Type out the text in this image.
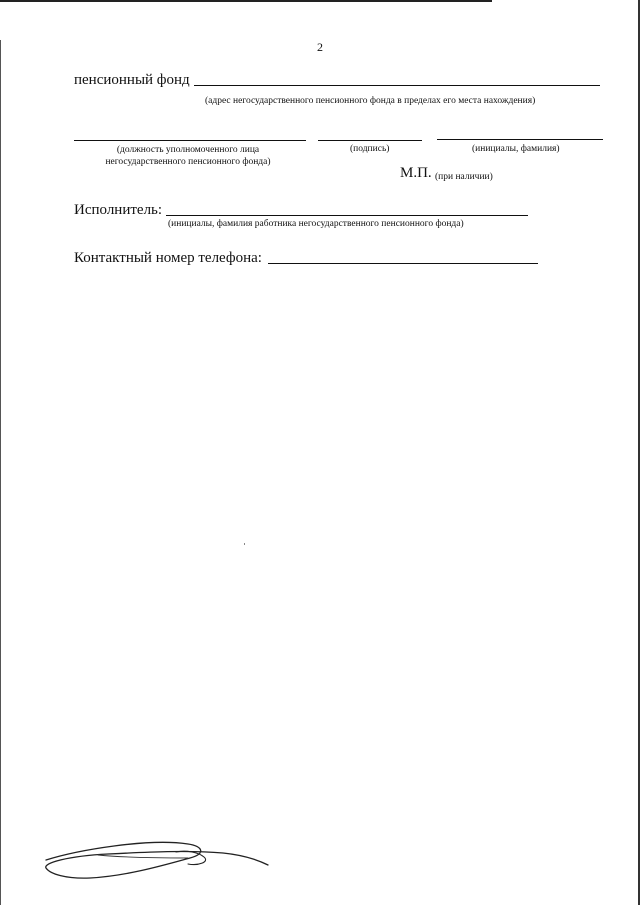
2
пенсионный фонд
(адрес негосударственного пенсионного фонда в пределах его места нахождения)
(должность уполномоченного лица
негосударственного пенсионного фонда)
(подпись)	(инициалы, фамилия)
М.П. (при наличии)
Исполнитель:
(инициалы, фамилия работника негосударственного пенсионного фонда)
Контактный номер телефона:
